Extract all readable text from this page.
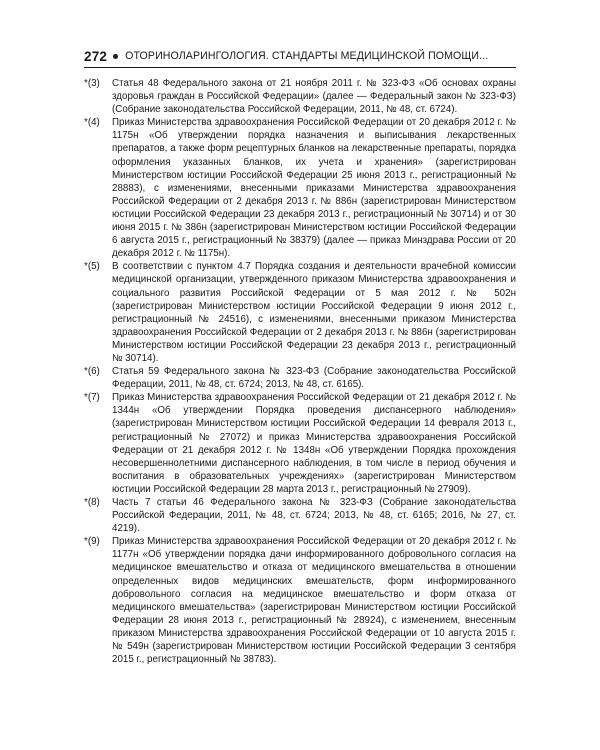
272 ОТОРИНОЛАРИНГОЛОГИЯ. СТАНДАРТЫ МЕДИЦИНСКОЙ ПОМОЩИ...
*(3)	Статья 48 Федерального закона от 21 ноября 2011 г. № 323-ФЗ «Об основах охраны здоровья граждан в Российской Федерации» (далее — Федеральный закон № 323-ФЗ) (Собрание законодательства Российской Федерации, 2011, № 48, ст. 6724).
*(4)	Приказ Министерства здравоохранения Российской Федерации от 20 декабря 2012 г. № 1175н «Об утверждении порядка назначения и выписывания лекарственных препаратов, а также форм рецептурных бланков на лекарственные препараты, порядка оформления указанных бланков, их учета и хранения» (зарегистрирован Министерством юстиции Российской Федерации 25 июня 2013 г., регистрационный № 28883), с изменениями, внесенными приказами Министерства здравоохранения Российской Федерации от 2 декабря 2013 г. № 886н (зарегистрирован Министерством юстиции Российской Федерации 23 декабря 2013 г., регистрационный № 30714) и от 30 июня 2015 г. № 386н (зарегистрирован Министерством юстиции Российской Федерации 6 августа 2015 г., регистрационный № 38379) (далее — приказ Минздрава России от 20 декабря 2012 г. № 1175н).
*(5)	В соответствии с пунктом 4.7 Порядка создания и деятельности врачебной комиссии медицинской организации, утвержденного приказом Министерства здравоохранения и социального развития Российской Федерации от 5 мая 2012 г. № 502н (зарегистрирован Министерством юстиции Российской Федерации 9 июня 2012 г., регистрационный № 24516), с изменениями, внесенными приказом Министерства здравоохранения Российской Федерации от 2 декабря 2013 г. № 886н (зарегистрирован Министерством юстиции Российской Федерации 23 декабря 2013 г., регистрационный № 30714).
*(6)	Статья 59 Федерального закона № 323-ФЗ (Собрание законодательства Российской Федерации, 2011, № 48, ст. 6724; 2013, № 48, ст. 6165).
*(7)	Приказ Министерства здравоохранения Российской Федерации от 21 декабря 2012 г. № 1344н «Об утверждении Порядка проведения диспансерного наблюдения» (зарегистрирован Министерством юстиции Российской Федерации 14 февраля 2013 г., регистрационный № 27072) и приказ Министерства здравоохранения Российской Федерации от 21 декабря 2012 г. № 1348н «Об утверждении Порядка прохождения несовершеннолетними диспансерного наблюдения, в том числе в период обучения и воспитания в образовательных учреждениях» (зарегистрирован Министерством юстиции Российской Федерации 28 марта 2013 г., регистрационный № 27909).
*(8)	Часть 7 статьи 46 Федерального закона № 323-ФЗ (Собрание законодательства Российской Федерации, 2011, № 48, ст. 6724; 2013, № 48, ст. 6165; 2016, № 27, ст. 4219).
*(9)	Приказ Министерства здравоохранения Российской Федерации от 20 декабря 2012 г. № 1177н «Об утверждении порядка дачи информированного добровольного согласия на медицинское вмешательство и отказа от медицинского вмешательства в отношении определенных видов медицинских вмешательств, форм информированного добровольного согласия на медицинское вмешательство и форм отказа от медицинского вмешательства» (зарегистрирован Министерством юстиции Российской Федерации 28 июня 2013 г., регистрационный № 28924), с изменением, внесенным приказом Министерства здравоохранения Российской Федерации от 10 августа 2015 г. № 549н (зарегистрирован Министерством юстиции Российской Федерации 3 сентября 2015 г., регистрационный № 38783).
